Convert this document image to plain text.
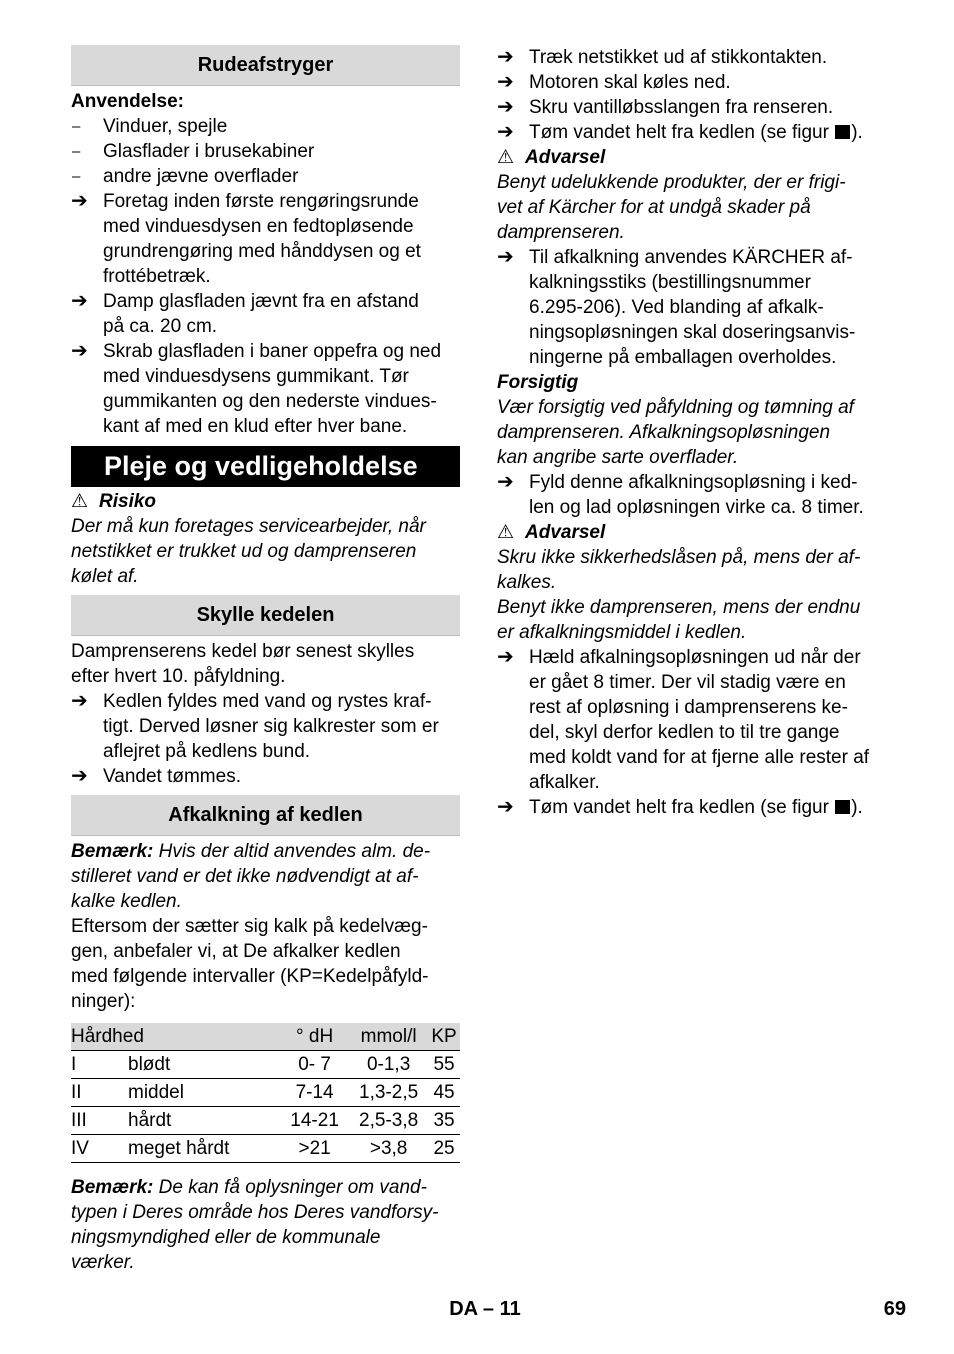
Rudeafstryger
Anvendelse:
–	Vinduer, spejle
–	Glasflader i brusekabiner
–	andre jævne overflader
➔ Foretag inden første rengøringsrunde
med vinduesdysen en fedtopløsende
grundrengøring med hånddysen og et
frottébetræk.
➔ Damp glasfladen jævnt fra en afstand
på ca. 20 cm.
➔ Skrab glasfladen i baner oppefra og ned
med vinduesdysens gummikant. Tør
gummikanten og den nederste vindues-
kant af med en klud efter hver bane.
Pleje og vedligeholdelse
⚠ Risiko
Der må kun foretages servicearbejder, når
netstikket er trukket ud og damprenseren
kølet af.
Skylle kedelen
Damprenserens kedel bør senest skylles
efter hvert 10. påfyldning.
➔ Kedlen fyldes med vand og rystes kraf-
tigt. Derved løsner sig kalkrester som er
aflejret på kedlens bund.
➔ Vandet tømmes.
Afkalkning af kedlen
Bemærk: Hvis der altid anvendes alm. de-
stilleret vand er det ikke nødvendigt at af-
kalke kedlen.
Eftersom der sætter sig kalk på kedelvæg-
gen, anbefaler vi, at De afkalker kedlen
med følgende intervaller (KP=Kedelpåfyld-
ninger):
Hårdhed		° dH	mmol/l	KP
I	blødt	0- 7	0-1,3	55
II	middel	7-14	1,3-2,5	45
III	hårdt	14-21	2,5-3,8	35
IV	meget hårdt	>21	>3,8	25
Bemærk: De kan få oplysninger om vand-
typen i Deres område hos Deres vandforsy-
ningsmyndighed eller de kommunale
værker.
➔ Træk netstikket ud af stikkontakten.
➔ Motoren skal køles ned.
➔ Skru vantilløbsslangen fra renseren.
➔ Tøm vandet helt fra kedlen (se figur ).
⚠ Advarsel
Benyt udelukkende produkter, der er frigi-
vet af Kärcher for at undgå skader på
damprenseren.
➔ Til afkalkning anvendes KÄRCHER af-
kalkningsstiks (bestillingsnummer
6.295-206). Ved blanding af afkalk-
ningsopløsningen skal doseringsanvis-
ningerne på emballagen overholdes.
Forsigtig
Vær forsigtig ved påfyldning og tømning af
damprenseren. Afkalkningsopløsningen
kan angribe sarte overflader.
➔ Fyld denne afkalkningsopløsning i ked-
len og lad opløsningen virke ca. 8 timer.
⚠ Advarsel
Skru ikke sikkerhedslåsen på, mens der af-
kalkes.
Benyt ikke damprenseren, mens der endnu
er afkalkningsmiddel i kedlen.
➔ Hæld afkalningsopløsningen ud når der
er gået 8 timer. Der vil stadig være en
rest af opløsning i damprenserens ke-
del, skyl derfor kedlen to til tre gange
med koldt vand for at fjerne alle rester af
afkalker.
➔ Tøm vandet helt fra kedlen (se figur ).
DA – 11	69
